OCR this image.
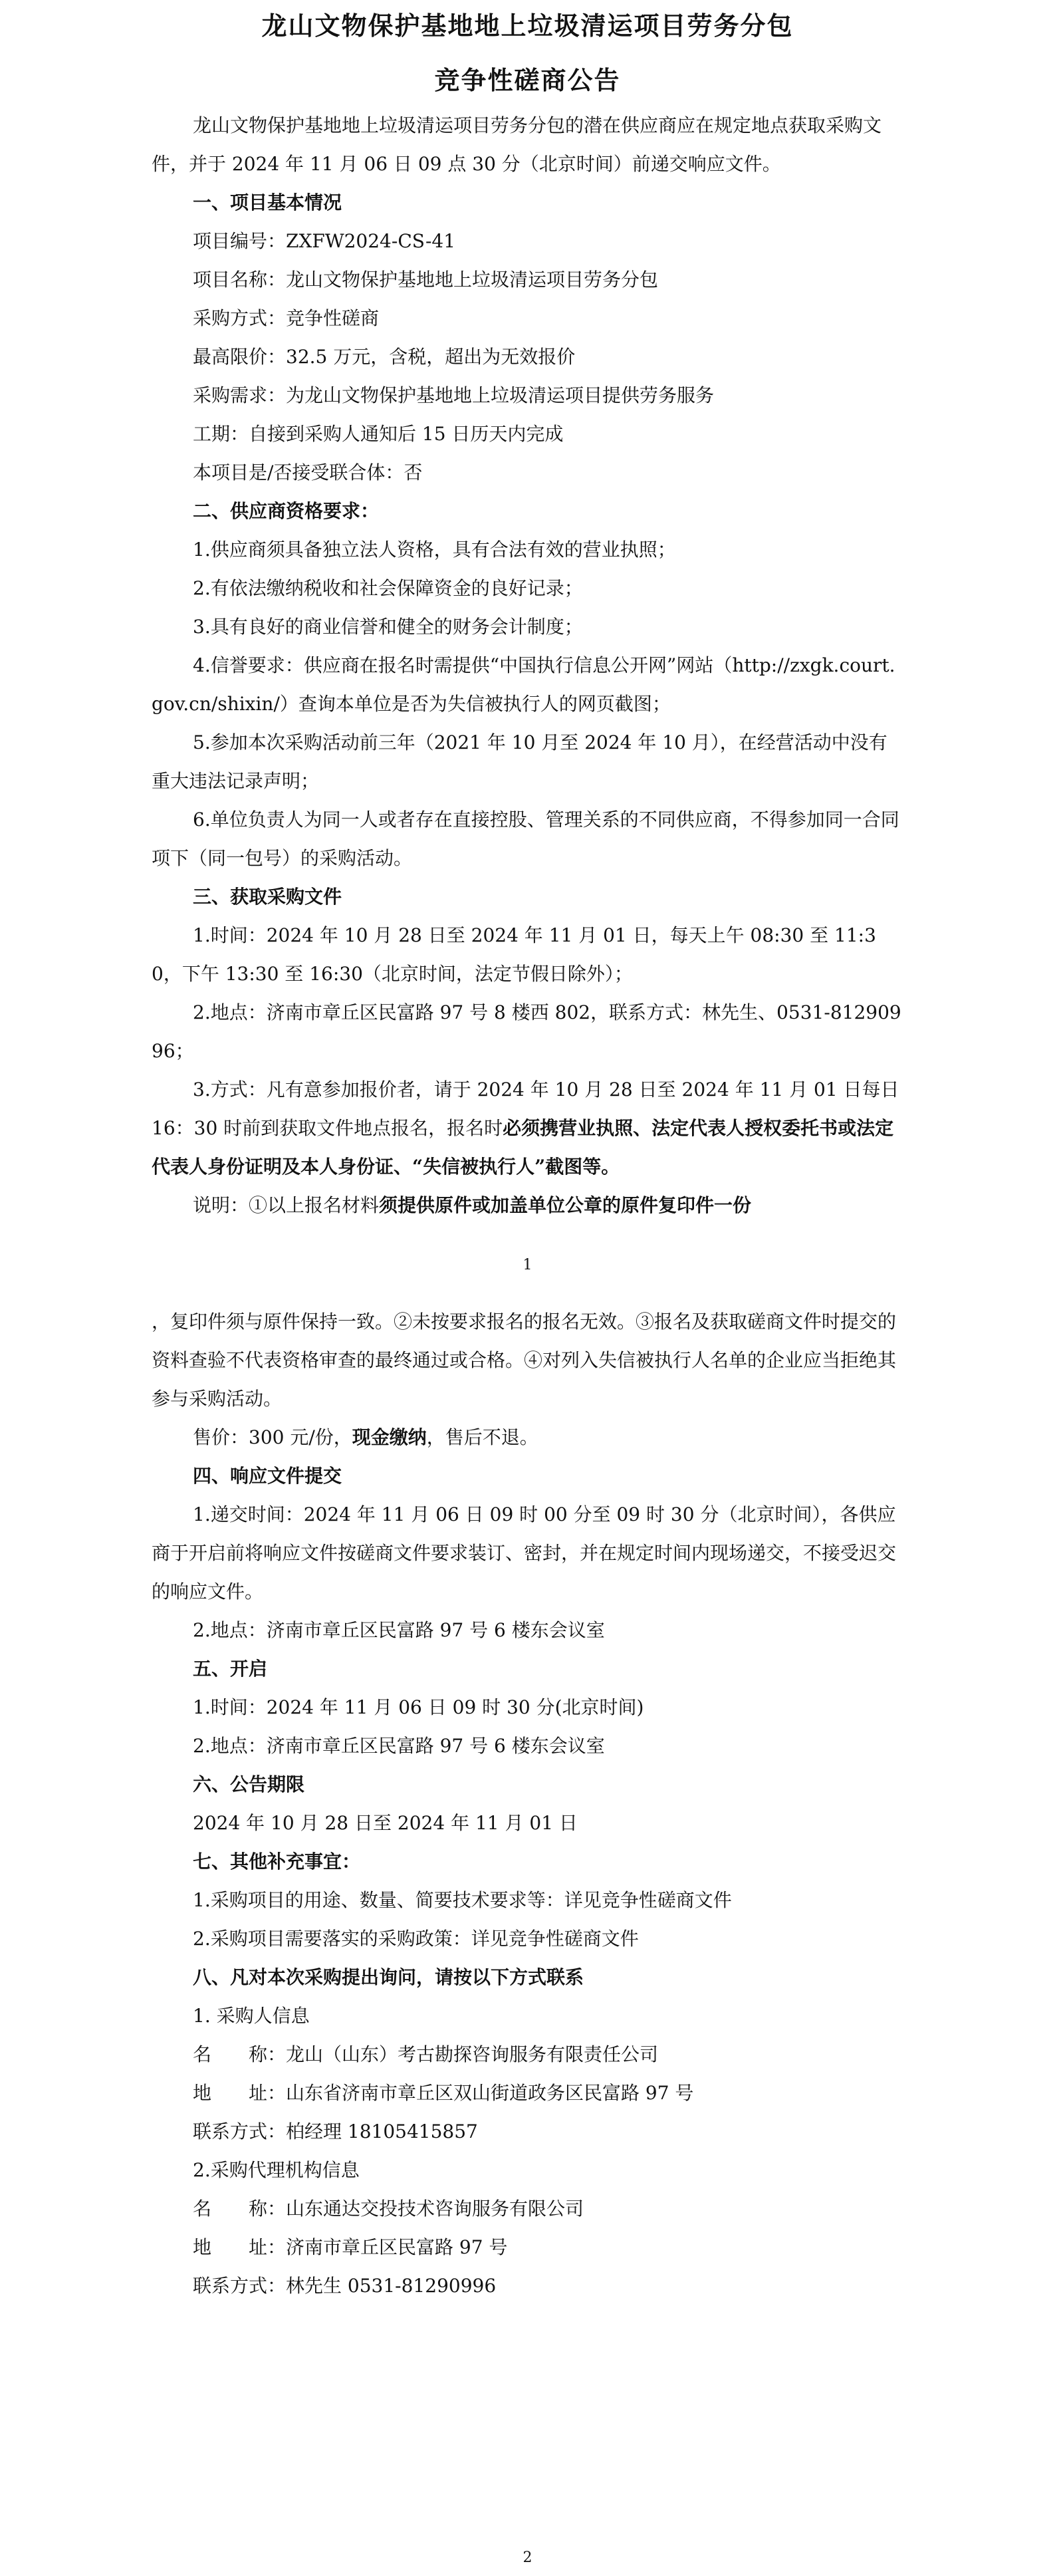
龙山文物保护基地地上垃圾清运项目劳务分包
竞争性磋商公告

龙山文物保护基地地上垃圾清运项目劳务分包的潜在供应商应在规定地点获取采购文件，并于 2024 年 11 月 06 日 09 点 30 分（北京时间）前递交响应文件。

一、项目基本情况

项目编号：ZXFW2024-CS-41

项目名称：龙山文物保护基地地上垃圾清运项目劳务分包

采购方式：竞争性磋商

最高限价：32.5 万元，含税，超出为无效报价

采购需求：为龙山文物保护基地地上垃圾清运项目提供劳务服务

工期：自接到采购人通知后 15 日历天内完成

本项目是/否接受联合体：否

二、供应商资格要求：

1.供应商须具备独立法人资格，具有合法有效的营业执照；

2.有依法缴纳税收和社会保障资金的良好记录；

3.具有良好的商业信誉和健全的财务会计制度；

4.信誉要求：供应商在报名时需提供“中国执行信息公开网”网站（http://zxgk.court.gov.cn/shixin/）查询本单位是否为失信被执行人的网页截图；

5.参加本次采购活动前三年（2021 年 10 月至 2024 年 10 月），在经营活动中没有重大违法记录声明；

6.单位负责人为同一人或者存在直接控股、管理关系的不同供应商，不得参加同一合同项下（同一包号）的采购活动。

三、获取采购文件

1.时间：2024 年 10 月 28 日至 2024 年 11 月 01 日，每天上午 08:30 至 11:30，下午 13:30 至 16:30（北京时间，法定节假日除外）；

2.地点：济南市章丘区民富路 97 号 8 楼西 802，联系方式：林先生、0531-81290996；

3.方式：凡有意参加报价者，请于 2024 年 10 月 28 日至 2024 年 11 月 01 日每日 16：30 时前到获取文件地点报名，报名时必须携营业执照、法定代表人授权委托书或法定代表人身份证明及本人身份证、“失信被执行人”截图等。

说明：①以上报名材料须提供原件或加盖单位公章的原件复印件一份

1

，复印件须与原件保持一致。②未按要求报名的报名无效。③报名及获取磋商文件时提交的资料查验不代表资格审查的最终通过或合格。④对列入失信被执行人名单的企业应当拒绝其参与采购活动。

售价：300 元/份，现金缴纳，售后不退。

四、响应文件提交

1.递交时间：2024 年 11 月 06 日 09 时 00 分至 09 时 30 分（北京时间），各供应商于开启前将响应文件按磋商文件要求装订、密封，并在规定时间内现场递交，不接受迟交的响应文件。

2.地点：济南市章丘区民富路 97 号 6 楼东会议室

五、开启

1.时间：2024 年 11 月 06 日 09 时 30 分(北京时间)

2.地点：济南市章丘区民富路 97 号 6 楼东会议室

六、公告期限

2024 年 10 月 28 日至 2024 年 11 月 01 日

七、其他补充事宜：

1.采购项目的用途、数量、简要技术要求等：详见竞争性磋商文件

2.采购项目需要落实的采购政策：详见竞争性磋商文件

八、凡对本次采购提出询问，请按以下方式联系

1. 采购人信息

名　　称：龙山（山东）考古勘探咨询服务有限责任公司

地　　址：山东省济南市章丘区双山街道政务区民富路 97 号

联系方式：柏经理 18105415857

2.采购代理机构信息

名　　称：山东通达交投技术咨询服务有限公司

地　　址：济南市章丘区民富路 97 号

联系方式：林先生 0531-81290996

2
